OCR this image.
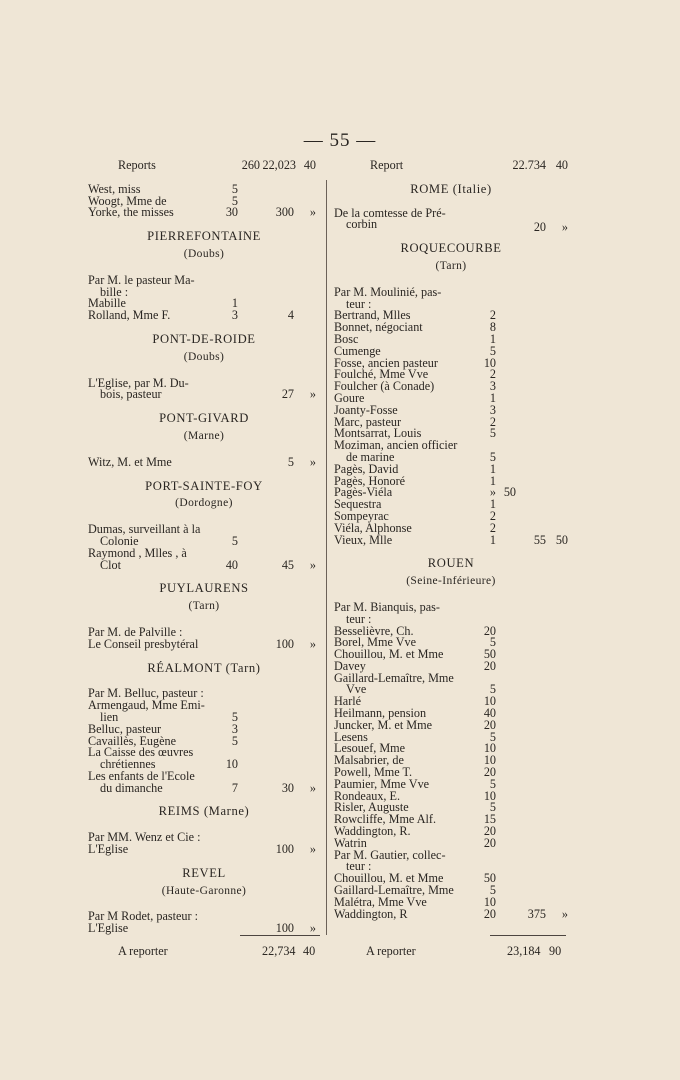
— 55 —
Reports	260 22,023 40
West, miss	5
Woogt, Mme de	5
Yorke, the misses	30	300	»
PIERREFONTAINE
(Doubs)
Par M. le pasteur Ma-
bille :
Mabille	1
Rolland, Mme F.	3	4
PONT-DE-ROIDE
(Doubs)
L'Eglise, par M. Du-
bois, pasteur	27	»
PONT-GIVARD
(Marne)
Witz, M. et Mme	5	»
PORT-SAINTE-FOY
(Dordogne)
Dumas, surveillant à la
Colonie	5
Raymond , Mlles , à
Clot	40	45	»
PUYLAURENS
(Tarn)
Par M. de Palville :
Le Conseil presbytéral	100	»
RÉALMONT (Tarn)
Par M. Belluc, pasteur :
Armengaud, Mme Emi-
lien	5
Belluc, pasteur	3
Cavaillès, Eugène	5
La Caisse des œuvres
chrétiennes	10
Les enfants de l'Ecole
du dimanche	7	30	»
REIMS (Marne)
Par MM. Wenz et Cie :
L'Eglise	100	»
REVEL
(Haute-Garonne)
Par M Rodet, pasteur :
L'Eglise	100	»
A reporter	22,734 40
Report	22.734 40
ROME (Italie)
De la comtesse de Pré-
corbin	20	»
ROQUECOURBE
(Tarn)
Par M. Moulinié, pas-
teur :
Bertrand, Mlles	2
Bonnet, négociant	8
Bosc	1
Cumenge	5
Fosse, ancien pasteur	10
Foulché, Mme Vve	2
Foulcher (à Conade)	3
Goure	1
Joanty-Fosse	3
Marc, pasteur	2
Montsarrat, Louis	5
Moziman, ancien officier
de marine	5
Pagès, David	1
Pagès, Honoré	1
Pagès-Viéla	» 50
Sequestra	1
Sompeyrac	2
Viéla, Alphonse	2
Vieux, Mlle	1	55 50
ROUEN
(Seine-Inférieure)
Par M. Bianquis, pas-
teur :
Besselièvre, Ch.	20
Borel, Mme Vve	5
Chouillou, M. et Mme	50
Davey	20
Gaillard-Lemaître, Mme
Vve	5
Harlé	10
Heilmann, pension	40
Juncker, M. et Mme	20
Lesens	5
Lesouef, Mme	10
Malsabrier, de	10
Powell, Mme T.	20
Paumier, Mme Vve	5
Rondeaux, E.	10
Risler, Auguste	5
Rowcliffe, Mme Alf.	15
Waddington, R.	20
Watrin	20
Par M. Gautier, collec-
teur :
Chouillou, M. et Mme	50
Gaillard-Lemaître, Mme	5
Malétra, Mme Vve	10
Waddington, R	20	375	»
A reporter	23,184 90
